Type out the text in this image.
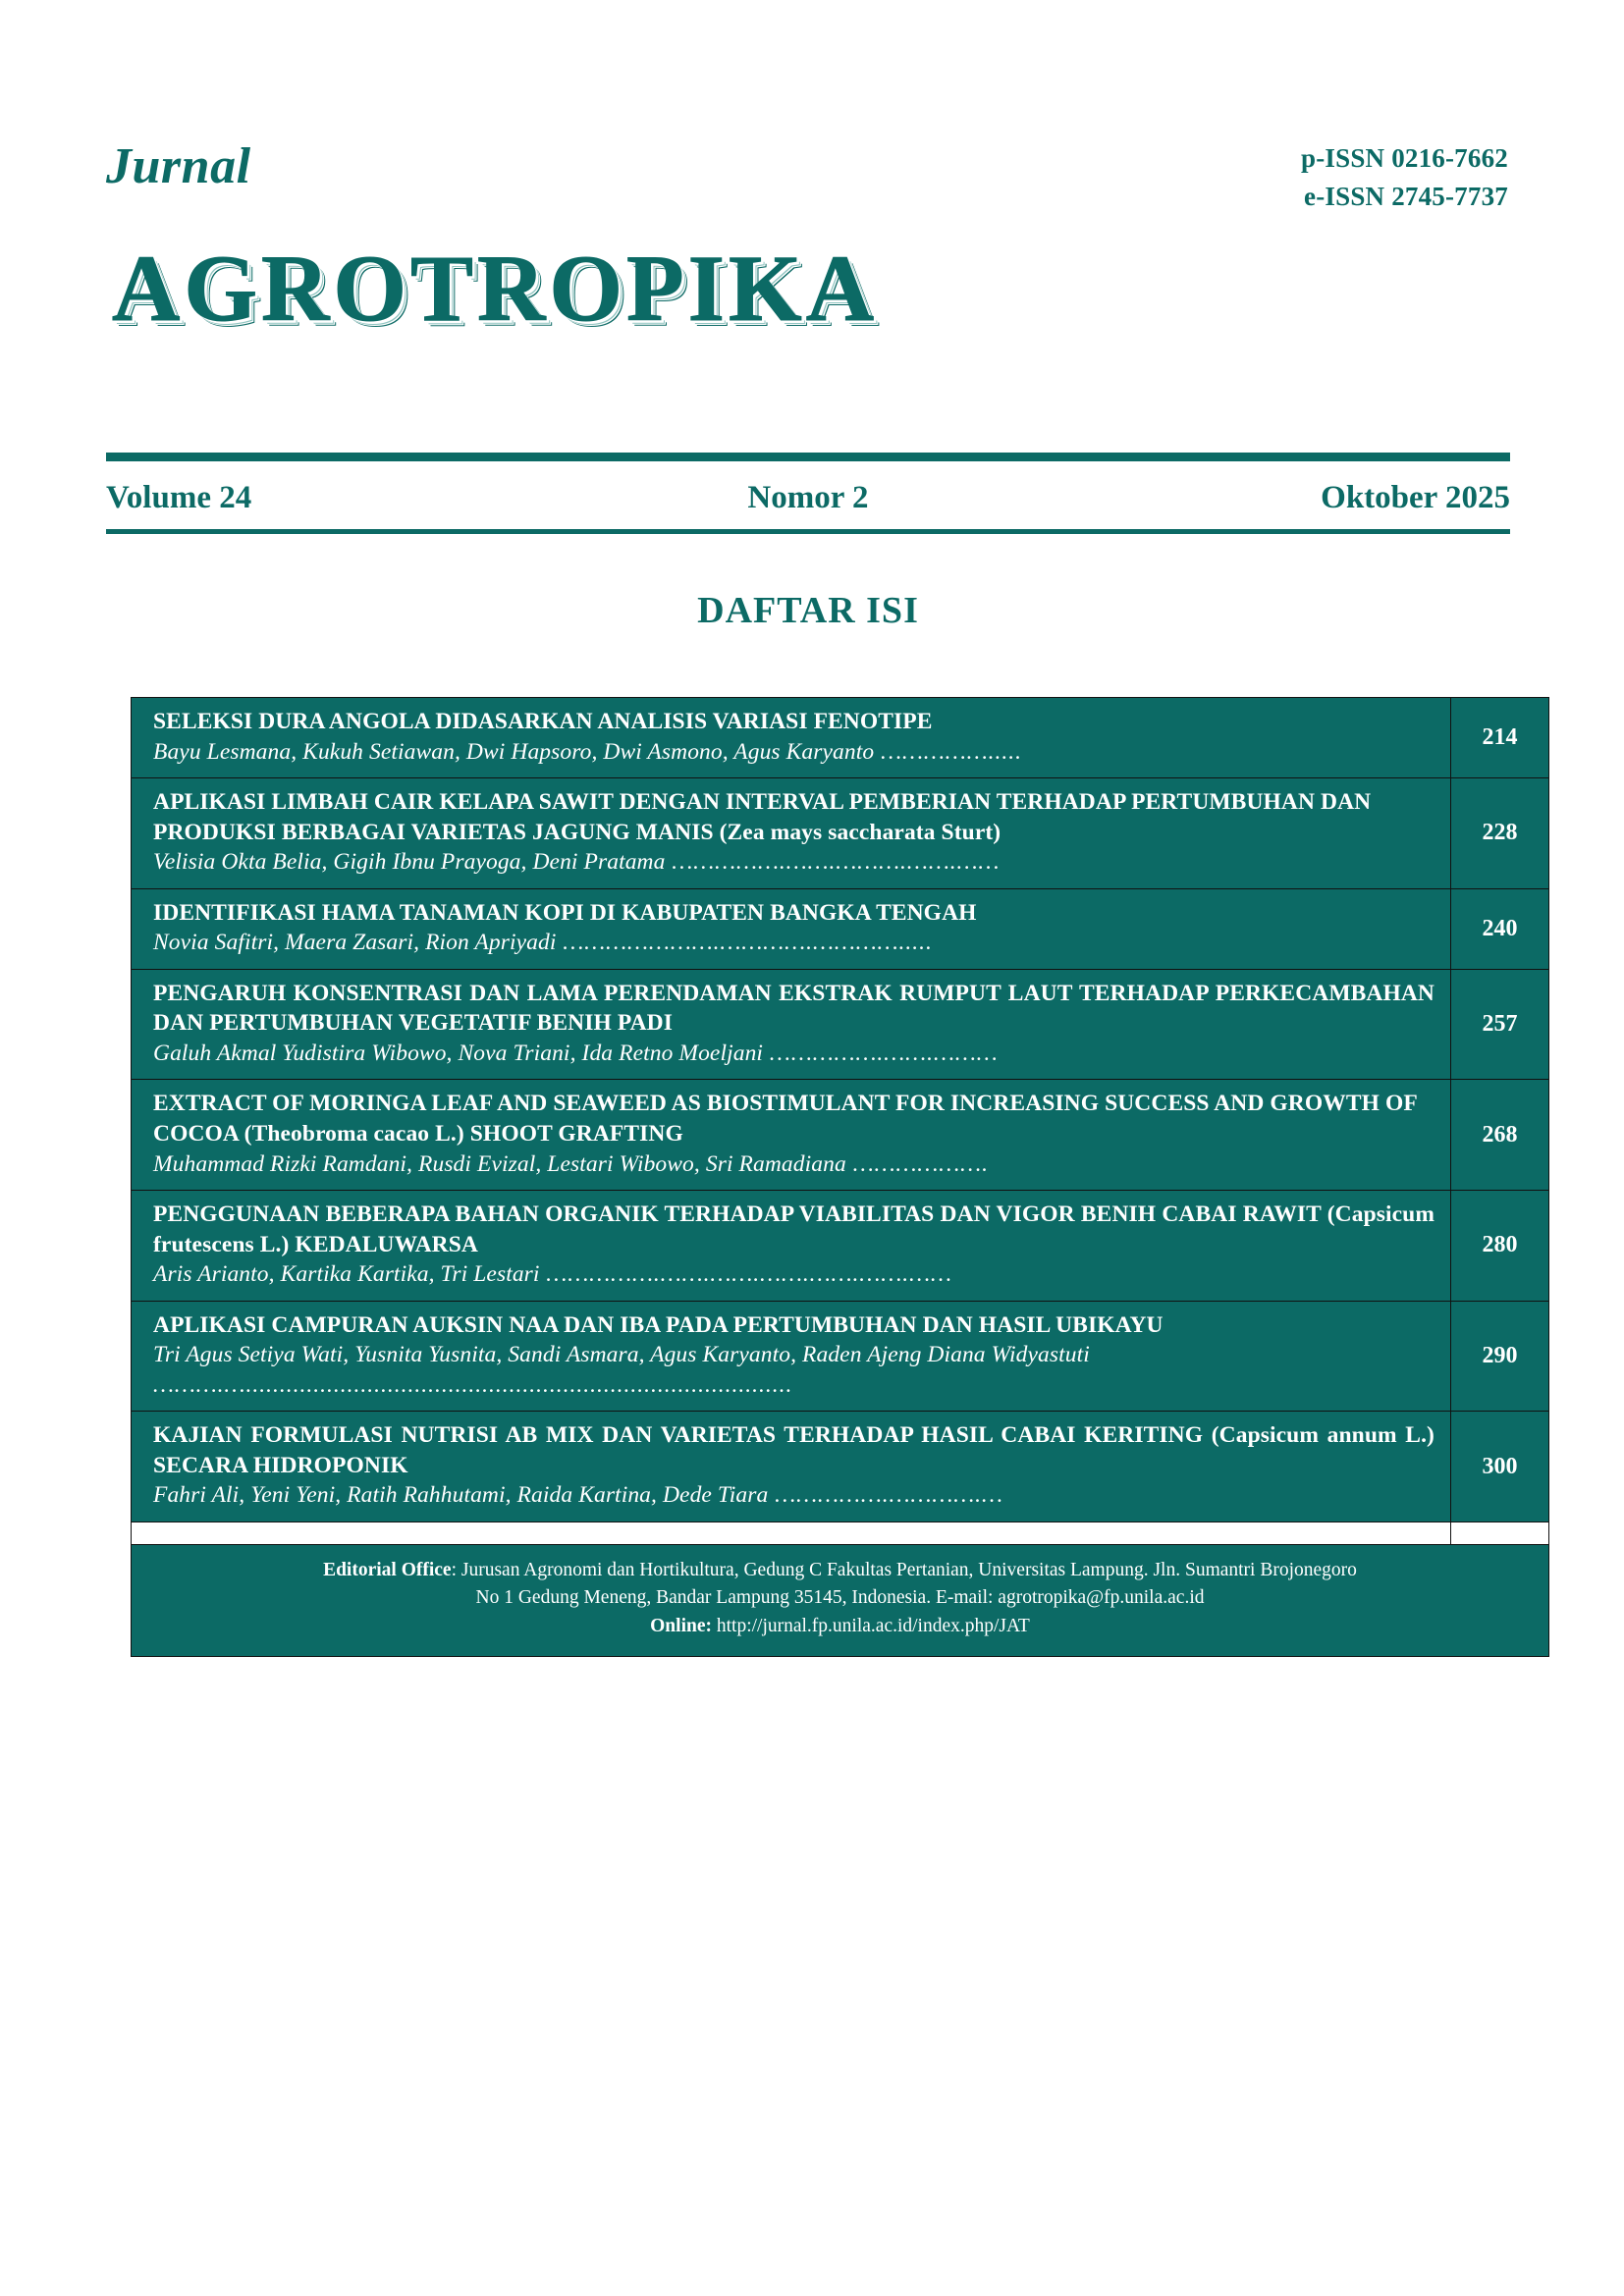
Jurnal	p-ISSN 0216-7662
e-ISSN 2745-7737
AGROTROPIKA
Volume 24	Nomor 2	Oktober 2025
DAFTAR ISI
SELEKSI DURA ANGOLA DIDASARKAN ANALISIS VARIASI FENOTIPE
Bayu Lesmana, Kukuh Setiawan, Dwi Hapsoro, Dwi Asmono, Agus Karyanto …………….....	214

APLIKASI LIMBAH CAIR KELAPA SAWIT DENGAN INTERVAL PEMBERIAN TERHADAP PERTUMBUHAN DAN PRODUKSI BERBAGAI VARIETAS JAGUNG MANIS (Zea mays saccharata Sturt)
Velisia Okta Belia, Gigih Ibnu Prayoga, Deni Pratama …………….…….……….…….……	228

IDENTIFIKASI HAMA TANAMAN KOPI DI KABUPATEN BANGKA TENGAH
Novia Safitri, Maera Zasari, Rion Apriyadi ………………….………….………….....	240

PENGARUH KONSENTRASI DAN LAMA PERENDAMAN EKSTRAK RUMPUT LAUT TERHADAP PERKECAMBAHAN DAN PERTUMBUHAN VEGETATIF BENIH PADI
Galuh Akmal Yudistira Wibowo, Nova Triani, Ida Retno Moeljani …………….…….………	257

EXTRACT OF MORINGA LEAF AND SEAWEED AS BIOSTIMULANT FOR INCREASING SUCCESS AND GROWTH OF COCOA (Theobroma cacao L.) SHOOT GRAFTING
Muhammad Rizki Ramdani, Rusdi Evizal, Lestari Wibowo, Sri Ramadiana ……………….	268

PENGGUNAAN BEBERAPA BAHAN ORGANIK TERHADAP VIABILITAS DAN VIGOR BENIH CABAI RAWIT (Capsicum frutescens L.) KEDALUWARSA
Aris Arianto, Kartika Kartika, Tri Lestari …………….…….…….…….…….…….……	280

APLIKASI CAMPURAN AUKSIN NAA DAN IBA PADA PERTUMBUHAN DAN HASIL UBIKAYU
Tri Agus Setiya Wati, Yusnita Yusnita, Sandi Asmara, Agus Karyanto, Raden Ajeng Diana Widyastuti ……….….................................................................................	290

KAJIAN FORMULASI NUTRISI AB MIX DAN VARIETAS TERHADAP HASIL CABAI KERITING (Capsicum annum L.) SECARA HIDROPONIK
Fahri Ali, Yeni Yeni, Ratih Rahhutami, Raida Kartina, Dede Tiara …………….………….…	300

Editorial Office: Jurusan Agronomi dan Hortikultura, Gedung C Fakultas Pertanian, Universitas Lampung. Jln. Sumantri Brojonegoro
No 1 Gedung Meneng, Bandar Lampung 35145, Indonesia. E-mail: agrotropika@fp.unila.ac.id
Online: http://jurnal.fp.unila.ac.id/index.php/JAT	
